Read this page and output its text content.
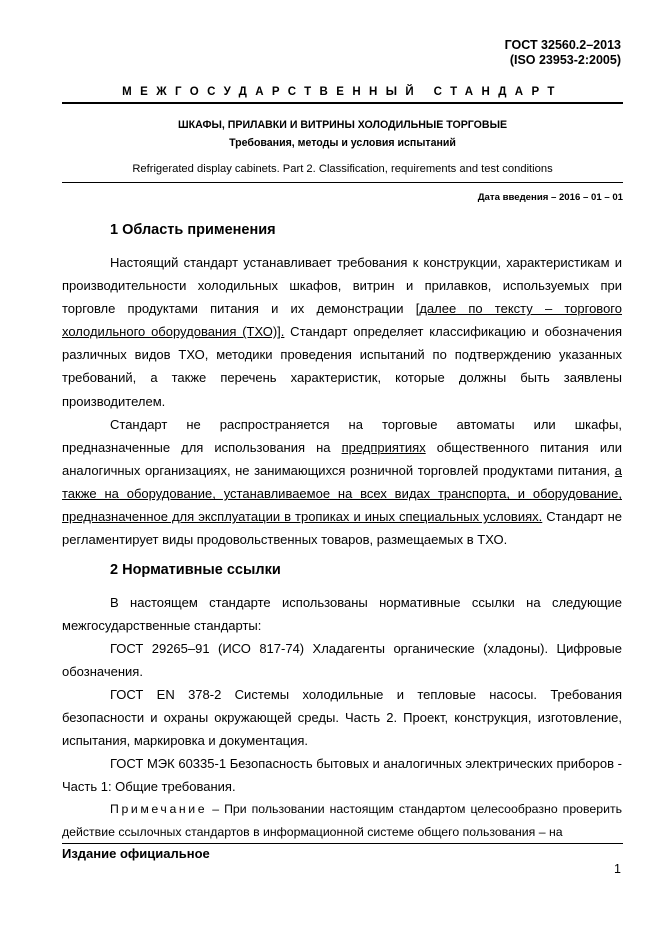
ГОСТ 32560.2–2013
(ISO 23953-2:2005)
МЕЖГОСУДАРСТВЕННЫЙ СТАНДАРТ
ШКАФЫ, ПРИЛАВКИ И ВИТРИНЫ ХОЛОДИЛЬНЫЕ ТОРГОВЫЕ
Требования, методы и условия испытаний
Refrigerated display cabinets. Part 2. Classification, requirements and test conditions
Дата введения – 2016 – 01 – 01
1 Область применения
Настоящий стандарт устанавливает требования к конструкции, характеристикам и производительности холодильных шкафов, витрин и прилавков, используемых при торговле продуктами питания и их демонстрации [далее по тексту – торгового холодильного оборудования (ТХО)]. Стандарт определяет классификацию и обозначения различных видов ТХО, методики проведения испытаний по подтверждению указанных требований, а также перечень характеристик, которые должны быть заявлены производителем.
Стандарт не распространяется на торговые автоматы или шкафы, предназначенные для использования на предприятиях общественного питания или аналогичных организациях, не занимающихся розничной торговлей продуктами питания, а также на оборудование, устанавливаемое на всех видах транспорта, и оборудование, предназначенное для эксплуатации в тропиках и иных специальных условиях. Стандарт не регламентирует виды продовольственных товаров, размещаемых в ТХО.
2 Нормативные ссылки
В настоящем стандарте использованы нормативные ссылки на следующие межгосударственные стандарты:
ГОСТ 29265–91 (ИСО 817-74) Хладагенты органические (хладоны). Цифровые обозначения.
ГОСТ EN 378-2 Системы холодильные и тепловые насосы. Требования безопасности и охраны окружающей среды. Часть 2. Проект, конструкция, изготовление, испытания, маркировка и документация.
ГОСТ МЭК 60335-1 Безопасность бытовых и аналогичных электрических приборов - Часть 1: Общие требования.
Примечание – При пользовании настоящим стандартом целесообразно проверить действие ссылочных стандартов в информационной системе общего пользования – на
Издание официальное
1
